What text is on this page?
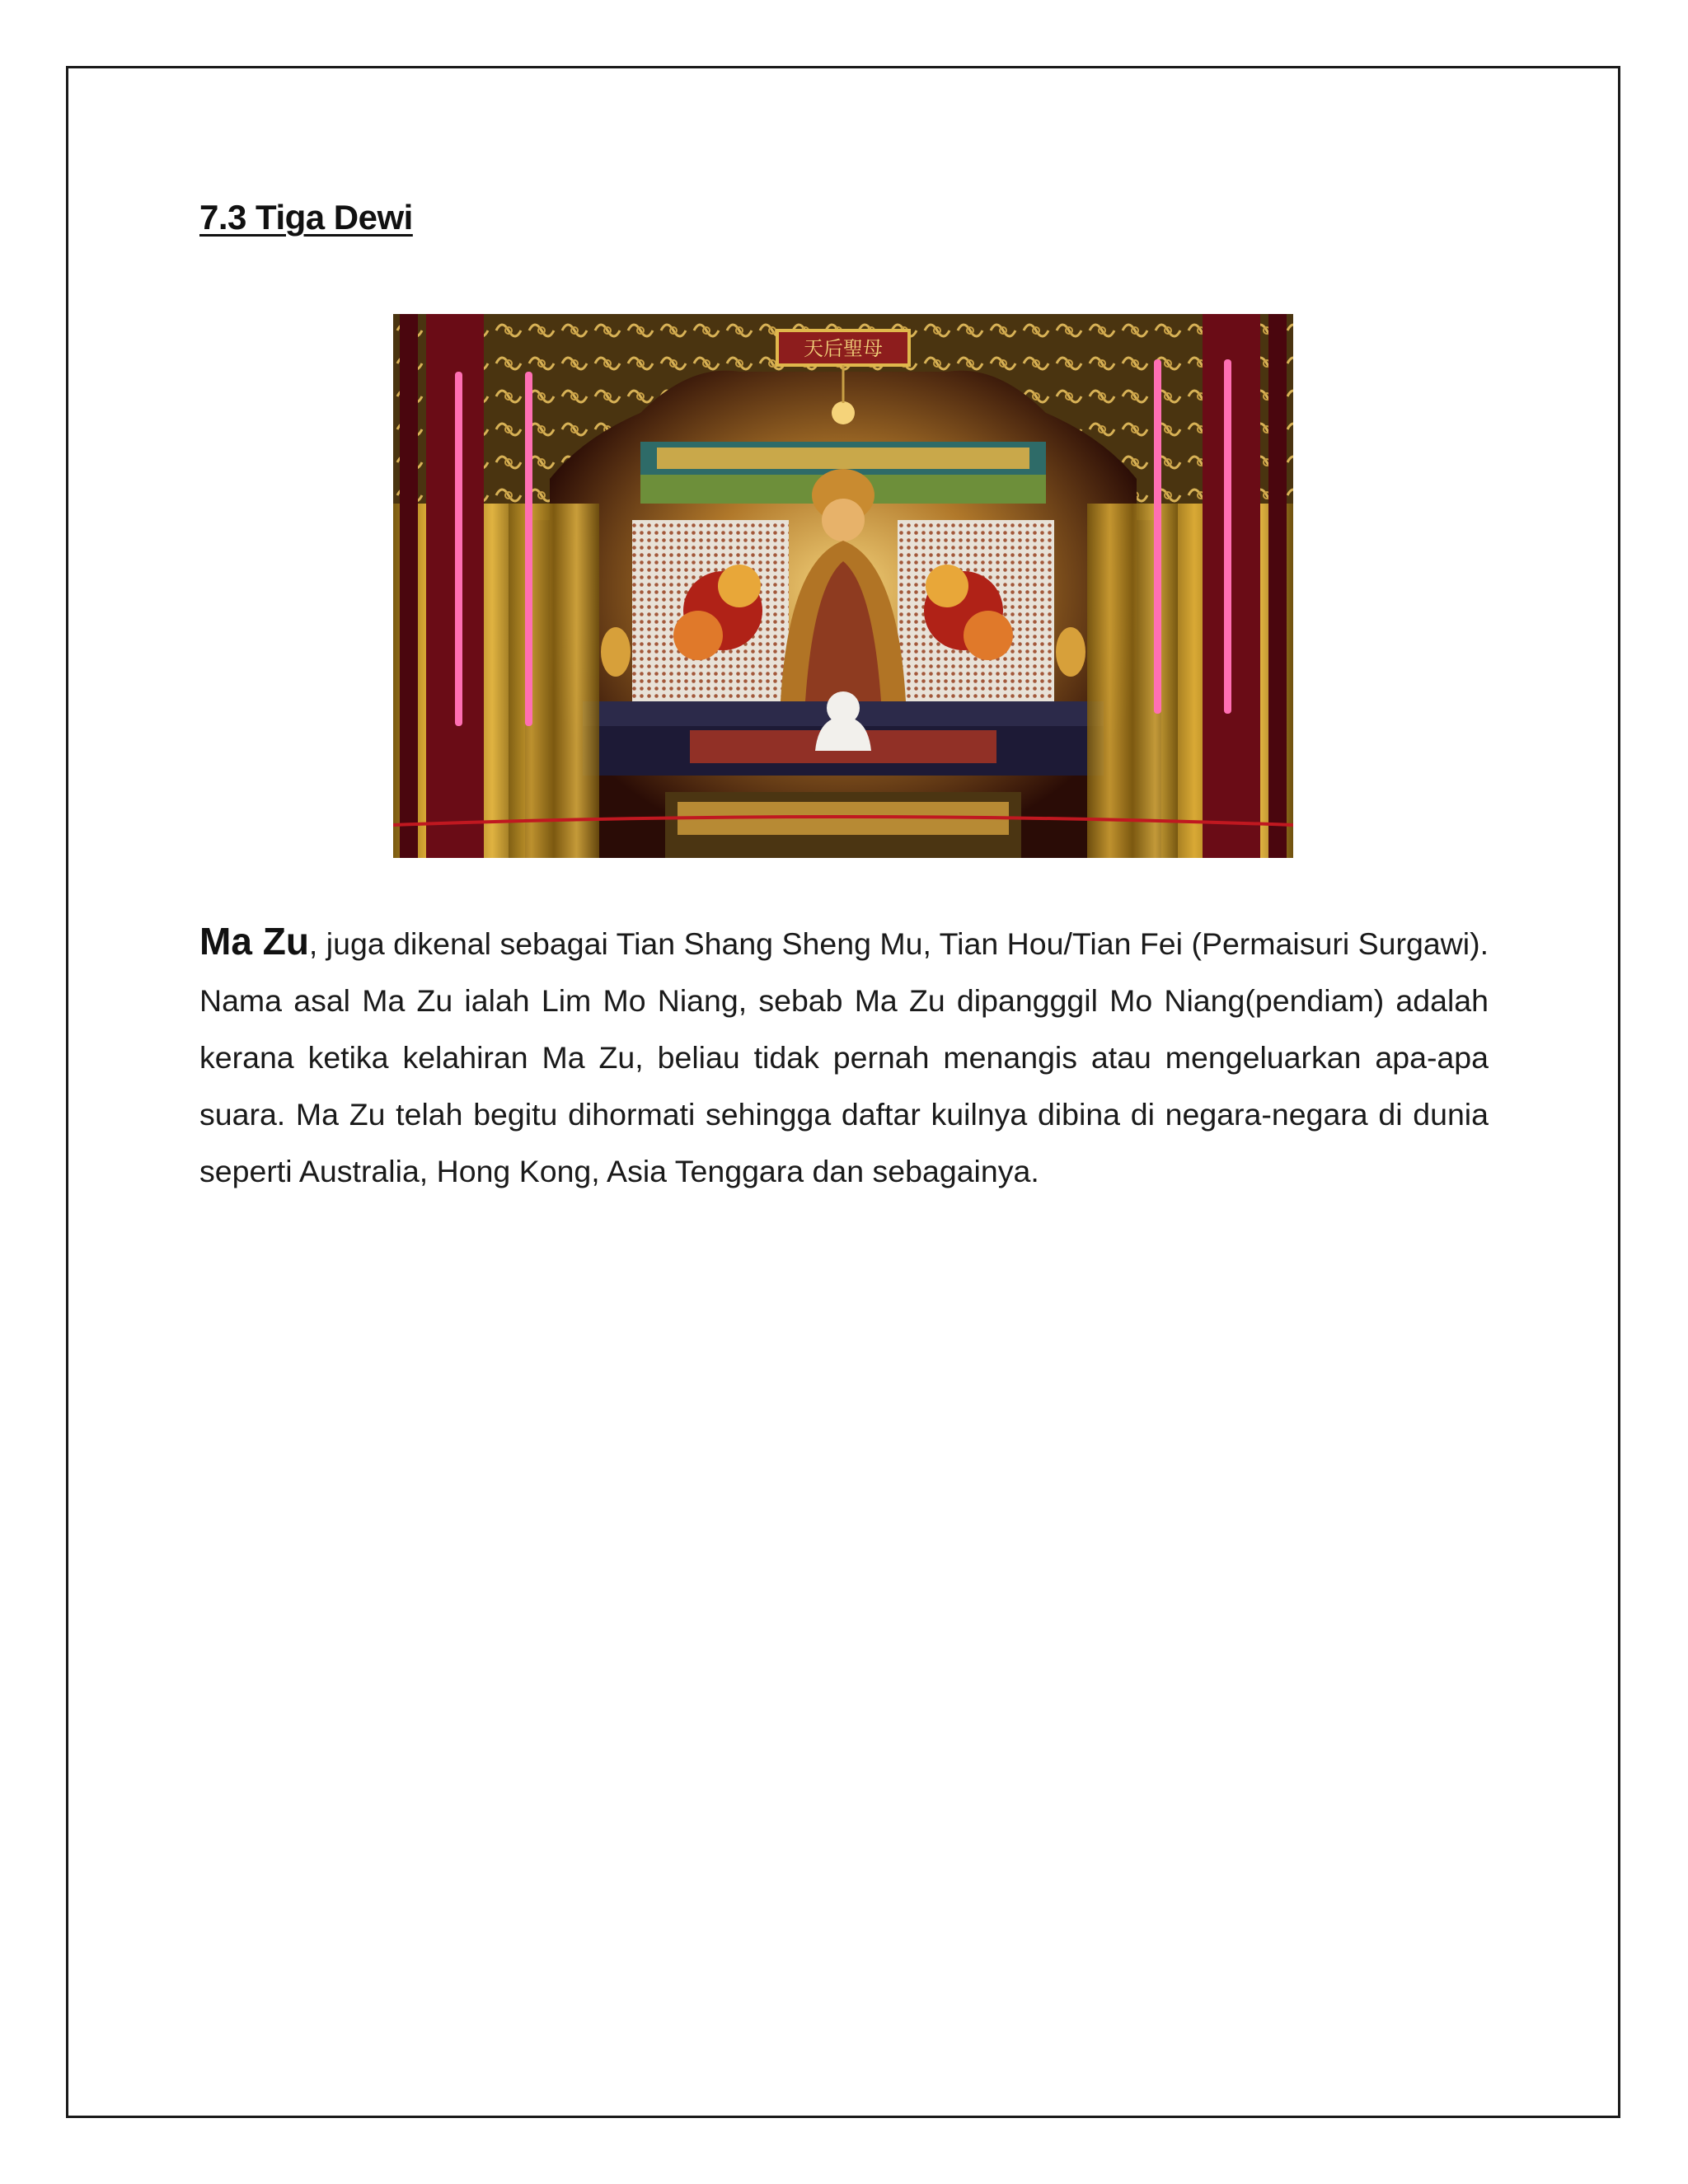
7.3 Tiga Dewi
天后聖母

Ma Zu, juga dikenal sebagai Tian Shang Sheng Mu, Tian Hou/Tian Fei (Permaisuri Surgawi). Nama asal Ma Zu ialah Lim Mo Niang, sebab Ma Zu dipangggil Mo Niang(pendiam) adalah kerana ketika kelahiran Ma Zu, beliau tidak pernah menangis atau mengeluarkan apa-apa suara. Ma Zu telah begitu dihormati sehingga daftar kuilnya dibina di negara-negara di dunia seperti Australia, Hong Kong, Asia Tenggara dan sebagainya.
